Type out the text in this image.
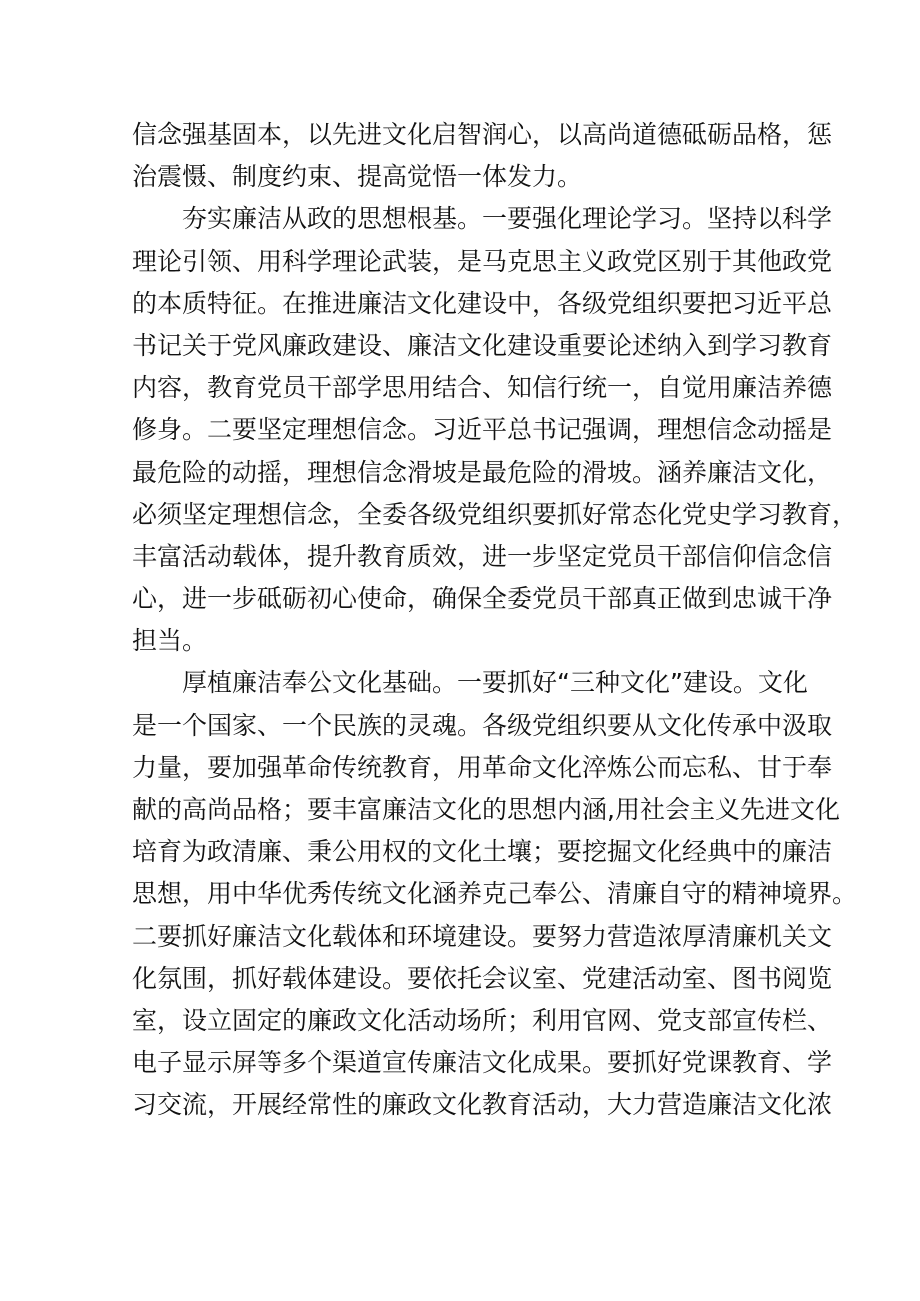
信念强基固本，以先进文化启智润心，以高尚道德砥砺品格，惩
治震慑、制度约束、提高觉悟一体发力。
夯实廉洁从政的思想根基。一要强化理论学习。坚持以科学
理论引领、用科学理论武装，是马克思主义政党区别于其他政党
的本质特征。在推进廉洁文化建设中，各级党组织要把习近平总
书记关于党风廉政建设、廉洁文化建设重要论述纳入到学习教育
内容，教育党员干部学思用结合、知信行统一，自觉用廉洁养德
修身。二要坚定理想信念。习近平总书记强调，理想信念动摇是
最危险的动摇，理想信念滑坡是最危险的滑坡。涵养廉洁文化，
必须坚定理想信念，全委各级党组织要抓好常态化党史学习教育，
丰富活动载体，提升教育质效，进一步坚定党员干部信仰信念信
心，进一步砥砺初心使命，确保全委党员干部真正做到忠诚干净
担当。
厚植廉洁奉公文化基础。一要抓好“三种文化”建设。文化
是一个国家、一个民族的灵魂。各级党组织要从文化传承中汲取
力量，要加强革命传统教育，用革命文化淬炼公而忘私、甘于奉
献的高尚品格；要丰富廉洁文化的思想内涵,用社会主义先进文化
培育为政清廉、秉公用权的文化土壤；要挖掘文化经典中的廉洁
思想，用中华优秀传统文化涵养克己奉公、清廉自守的精神境界。
二要抓好廉洁文化载体和环境建设。要努力营造浓厚清廉机关文
化氛围，抓好载体建设。要依托会议室、党建活动室、图书阅览
室，设立固定的廉政文化活动场所；利用官网、党支部宣传栏、
电子显示屏等多个渠道宣传廉洁文化成果。要抓好党课教育、学
习交流，开展经常性的廉政文化教育活动，大力营造廉洁文化浓
